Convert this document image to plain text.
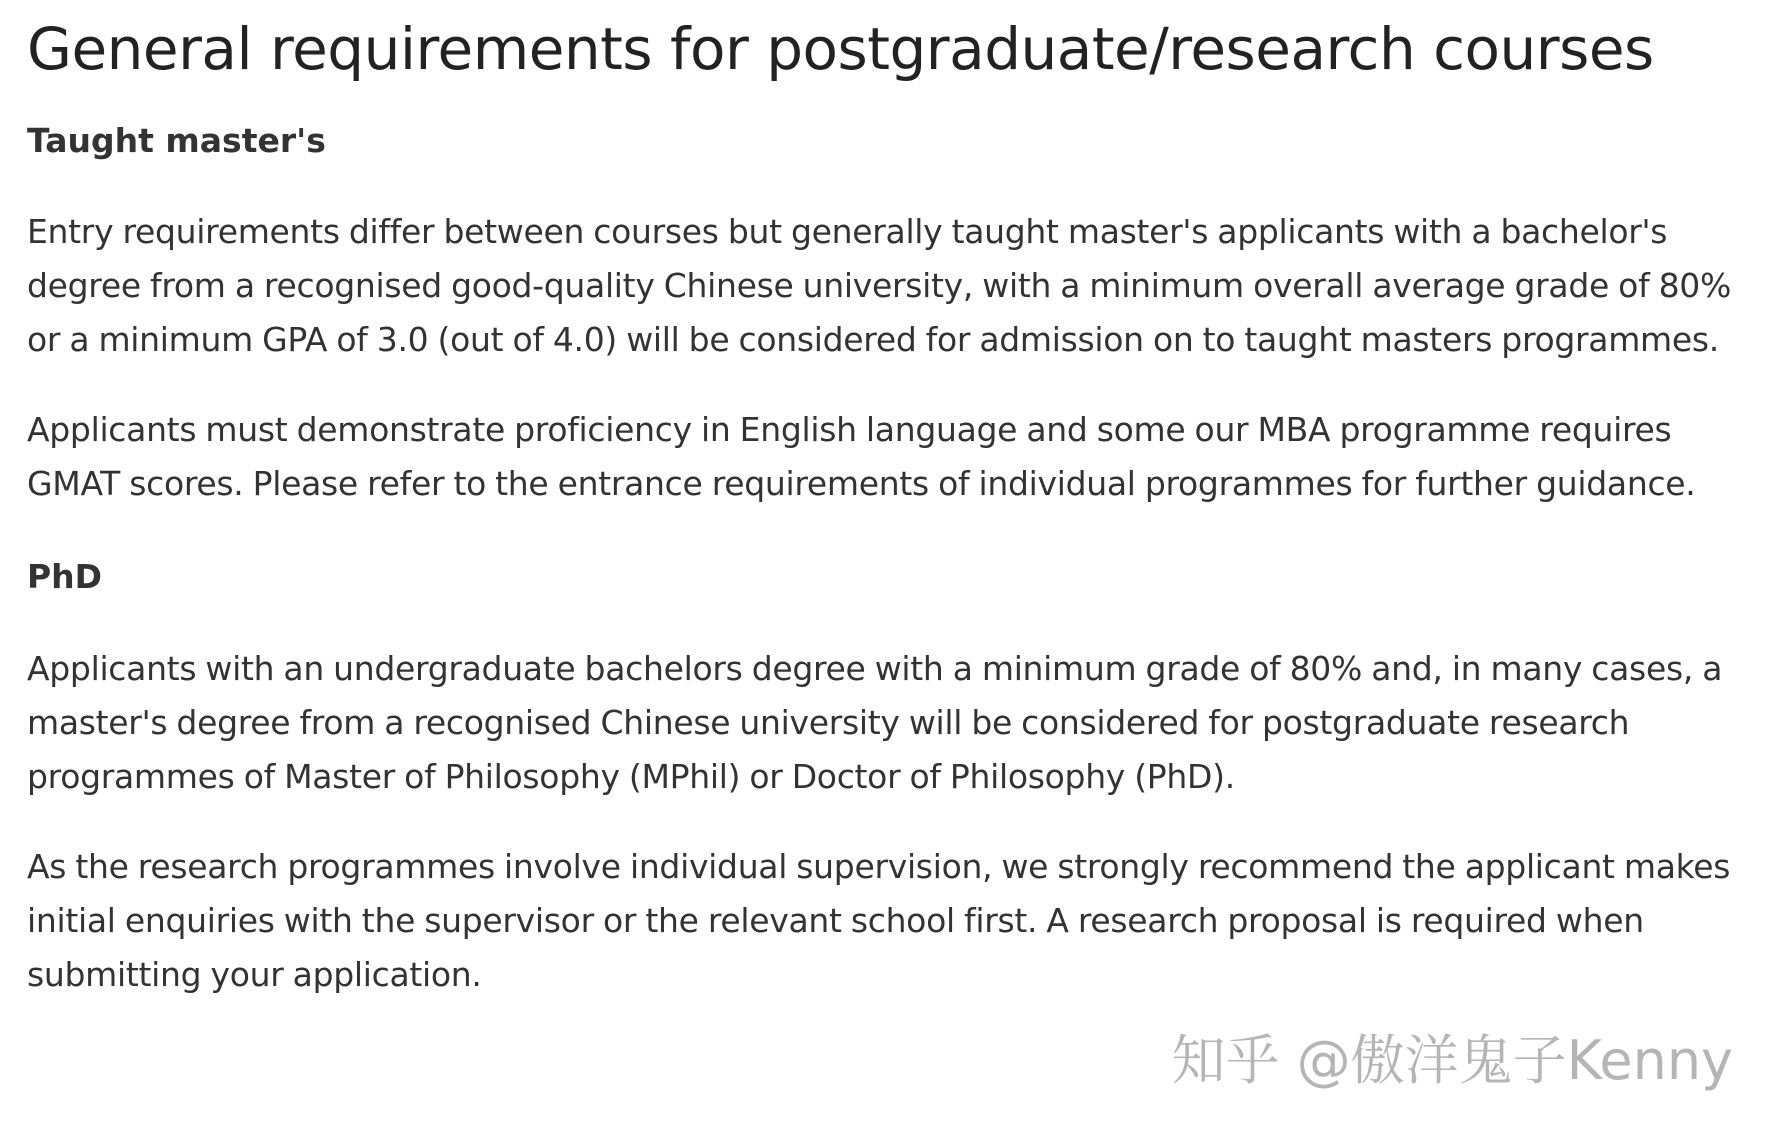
General requirements for postgraduate/research courses
Taught master's

Entry requirements differ between courses but generally taught master's applicants with a bachelor's degree from a recognised good-quality Chinese university, with a minimum overall average grade of 80% or a minimum GPA of 3.0 (out of 4.0) will be considered for admission on to taught masters programmes.

Applicants must demonstrate proficiency in English language and some our MBA programme requires GMAT scores. Please refer to the entrance requirements of individual programmes for further guidance.

PhD

Applicants with an undergraduate bachelors degree with a minimum grade of 80% and, in many cases, a master's degree from a recognised Chinese university will be considered for postgraduate research programmes of Master of Philosophy (MPhil) or Doctor of Philosophy (PhD).

As the research programmes involve individual supervision, we strongly recommend the applicant makes initial enquiries with the supervisor or the relevant school first. A research proposal is required when submitting your application.

知乎 @傲洋鬼子Kenny
